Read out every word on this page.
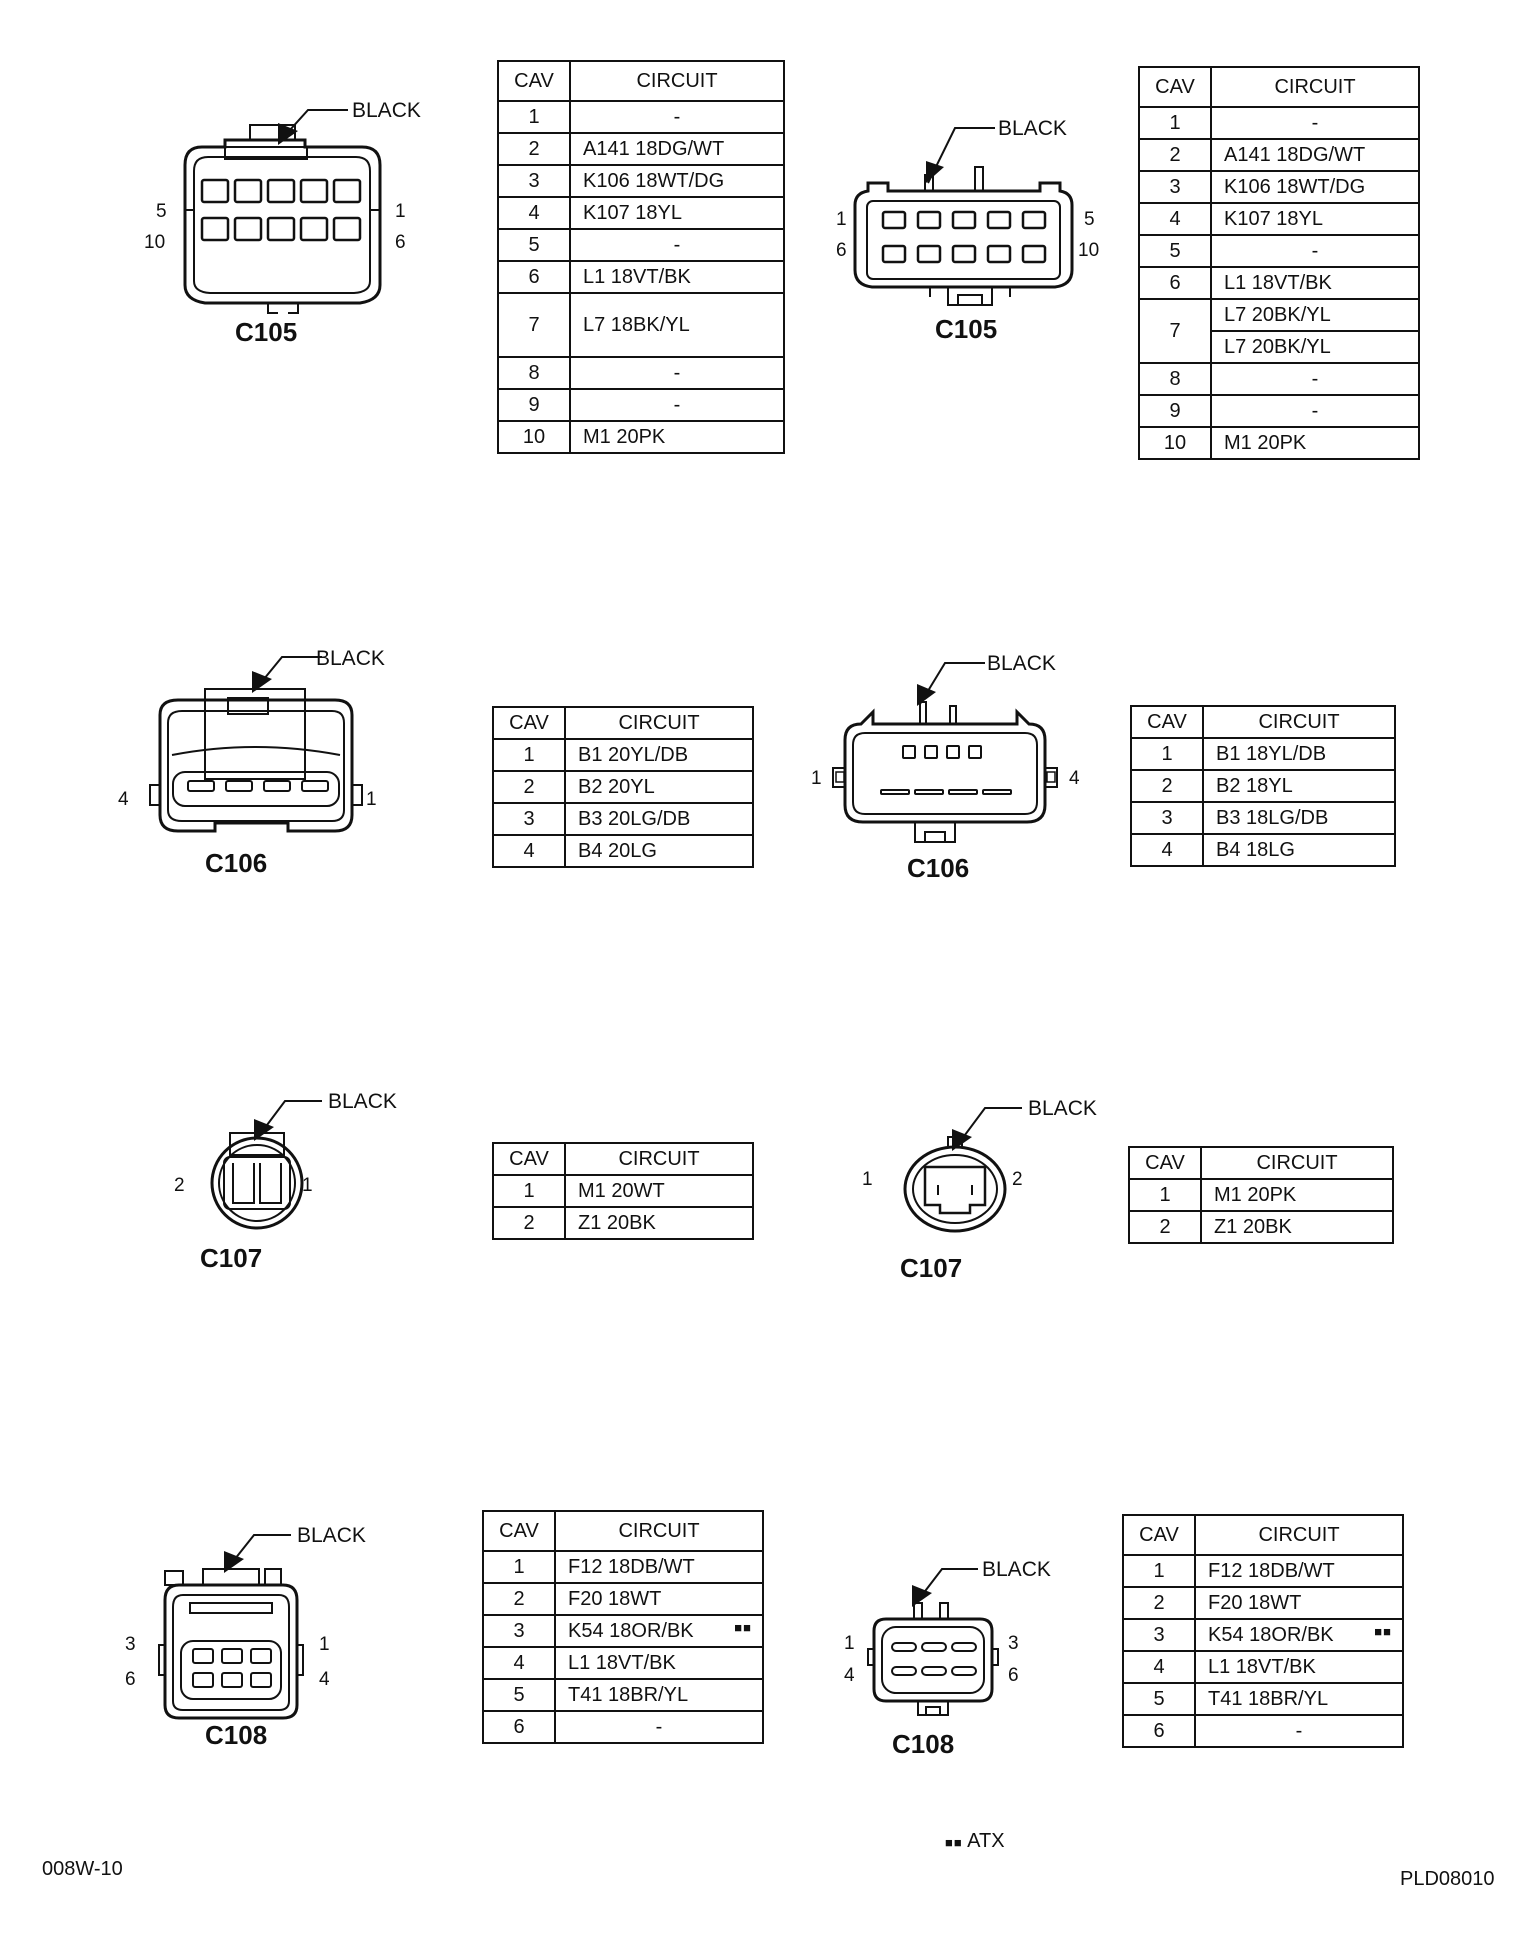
BLACK
5	1
10	6
C105
CAV	CIRCUIT
1	-
2	A141 18DG/WT
3	K106 18WT/DG
4	K107 18YL
5	-
6	L1 18VT/BK
7	L7 18BK/YL
8	-
9	-
10	M1 20PK
BLACK
1	5
6	10
C105
CAV	CIRCUIT
1	-
2	A141 18DG/WT
3	K106 18WT/DG
4	K107 18YL
5	-
6	L1 18VT/BK
7	L7 20BK/YL
	L7 20BK/YL
8	-
9	-
10	M1 20PK
BLACK
4	1
C106
CAV	CIRCUIT
1	B1 20YL/DB
2	B2 20YL
3	B3 20LG/DB
4	B4 20LG
BLACK
1	4
C106
CAV	CIRCUIT
1	B1 18YL/DB
2	B2 18YL
3	B3 18LG/DB
4	B4 18LG
BLACK
2	1
C107
CAV	CIRCUIT
1	M1 20WT
2	Z1 20BK
BLACK
1	2
C107
CAV	CIRCUIT
1	M1 20PK
2	Z1 20BK
BLACK
3	1
6	4
C108
CAV	CIRCUIT
1	F12 18DB/WT
2	F20 18WT
3	K54 18OR/BK ■■

4	L1 18VT/BK
5	T41 18BR/YL
6	-
BLACK
1	3
4	6
C108
CAV	CIRCUIT
1	F12 18DB/WT
2	F20 18WT
3	K54 18OR/BK ■■

4	L1 18VT/BK
5	T41 18BR/YL
6	-
■■ ATX
008W-10	PLD08010
